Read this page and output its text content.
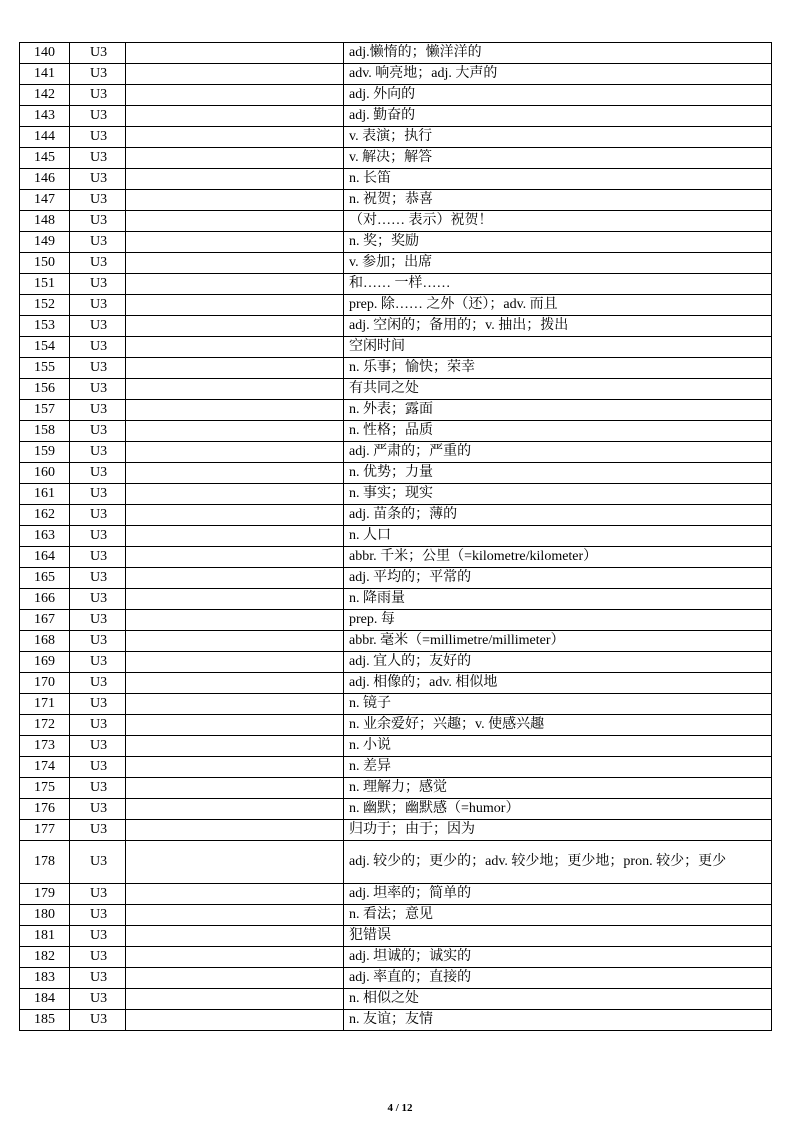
140	U3		adj.懒惰的；懒洋洋的
141	U3		adv. 响亮地；adj. 大声的
142	U3		adj. 外向的
143	U3		adj. 勤奋的
144	U3		v. 表演；执行
145	U3		v. 解决；解答
146	U3		n. 长笛
147	U3		n. 祝贺；恭喜
148	U3		（对…… 表示）祝贺！
149	U3		n. 奖；奖励
150	U3		v. 参加；出席
151	U3		和…… 一样……
152	U3		prep. 除…… 之外（还）；adv. 而且
153	U3		adj. 空闲的；备用的；v. 抽出；拨出
154	U3		空闲时间
155	U3		n. 乐事；愉快；荣幸
156	U3		有共同之处
157	U3		n. 外表；露面
158	U3		n. 性格；品质
159	U3		adj. 严肃的；严重的
160	U3		n. 优势；力量
161	U3		n. 事实；现实
162	U3		adj. 苗条的；薄的
163	U3		n. 人口
164	U3		abbr. 千米；公里（=kilometre/kilometer）
165	U3		adj. 平均的；平常的
166	U3		n. 降雨量
167	U3		prep. 每
168	U3		abbr. 毫米（=millimetre/millimeter）
169	U3		adj. 宜人的；友好的
170	U3		adj. 相像的；adv. 相似地
171	U3		n. 镜子
172	U3		n. 业余爱好；兴趣；v. 使感兴趣
173	U3		n. 小说
174	U3		n. 差异
175	U3		n. 理解力；感觉
176	U3		n. 幽默；幽默感（=humor）
177	U3		归功于；由于；因为
178	U3		adj. 较少的；更少的；adv. 较少地；更少地；pron. 较少；更少
179	U3		adj. 坦率的；简单的
180	U3		n. 看法；意见
181	U3		犯错误
182	U3		adj. 坦诚的；诚实的
183	U3		adj. 率直的；直接的
184	U3		n. 相似之处
185	U3		n. 友谊；友情
4 / 12
